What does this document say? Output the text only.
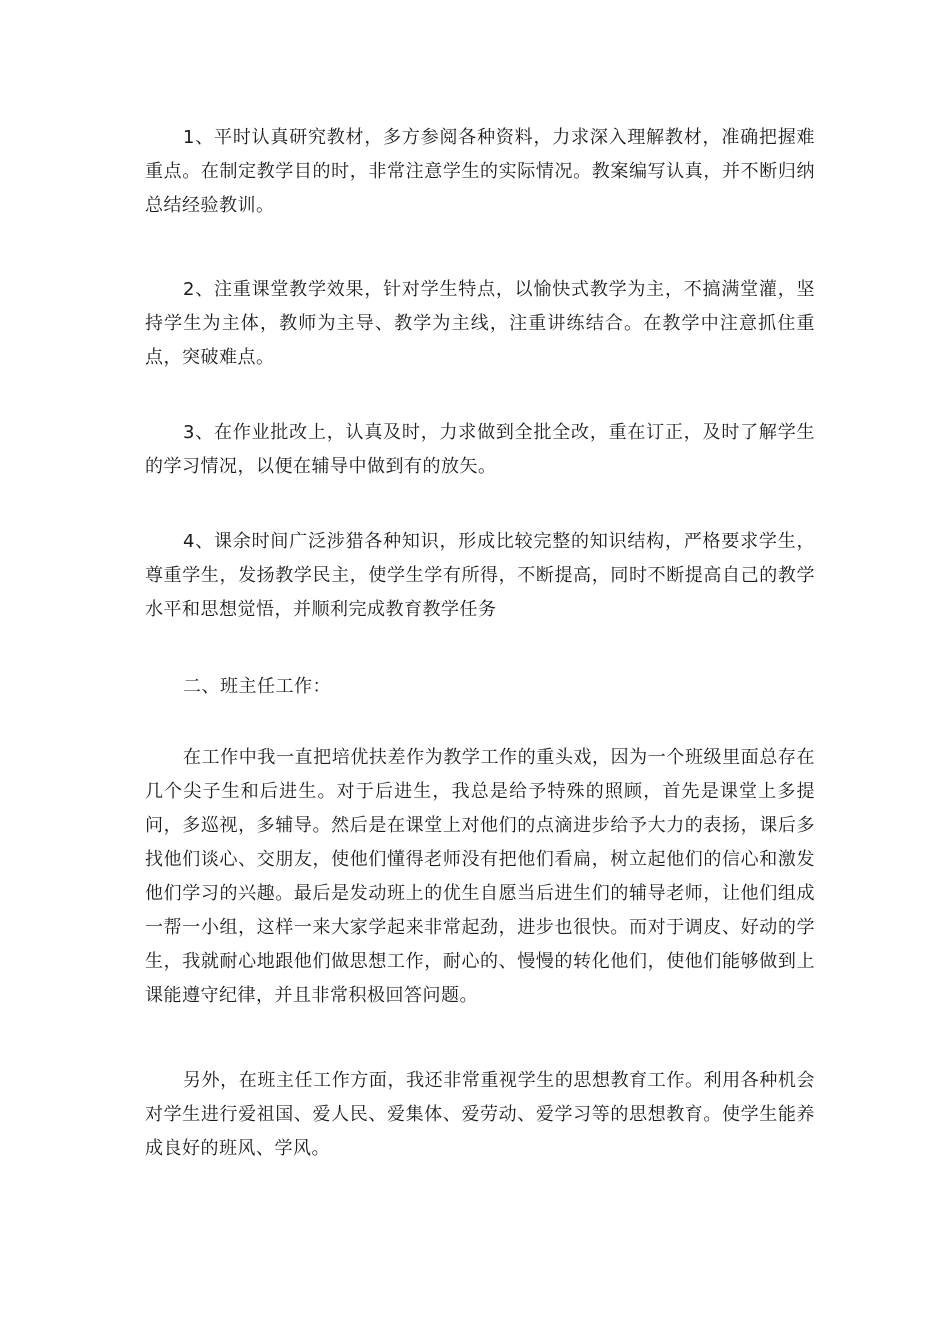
1、平时认真研究教材，多方参阅各种资料，力求深入理解教材，准确把握难重点。在制定教学目的时，非常注意学生的实际情况。教案编写认真，并不断归纳总结经验教训。

2、注重课堂教学效果，针对学生特点，以愉快式教学为主，不搞满堂灌，坚持学生为主体，教师为主导、教学为主线，注重讲练结合。在教学中注意抓住重点，突破难点。

3、在作业批改上，认真及时，力求做到全批全改，重在订正，及时了解学生的学习情况，以便在辅导中做到有的放矢。

4、课余时间广泛涉猎各种知识，形成比较完整的知识结构，严格要求学生，尊重学生，发扬教学民主，使学生学有所得，不断提高，同时不断提高自己的教学水平和思想觉悟，并顺利完成教育教学任务

二、班主任工作：

在工作中我一直把培优扶差作为教学工作的重头戏，因为一个班级里面总存在几个尖子生和后进生。对于后进生，我总是给予特殊的照顾，首先是课堂上多提问，多巡视，多辅导。然后是在课堂上对他们的点滴进步给予大力的表扬，课后多找他们谈心、交朋友，使他们懂得老师没有把他们看扁，树立起他们的信心和激发他们学习的兴趣。最后是发动班上的优生自愿当后进生们的辅导老师，让他们组成一帮一小组，这样一来大家学起来非常起劲，进步也很快。而对于调皮、好动的学生，我就耐心地跟他们做思想工作，耐心的、慢慢的转化他们，使他们能够做到上课能遵守纪律，并且非常积极回答问题。

另外，在班主任工作方面，我还非常重视学生的思想教育工作。利用各种机会对学生进行爱祖国、爱人民、爱集体、爱劳动、爱学习等的思想教育。使学生能养成良好的班风、学风。
